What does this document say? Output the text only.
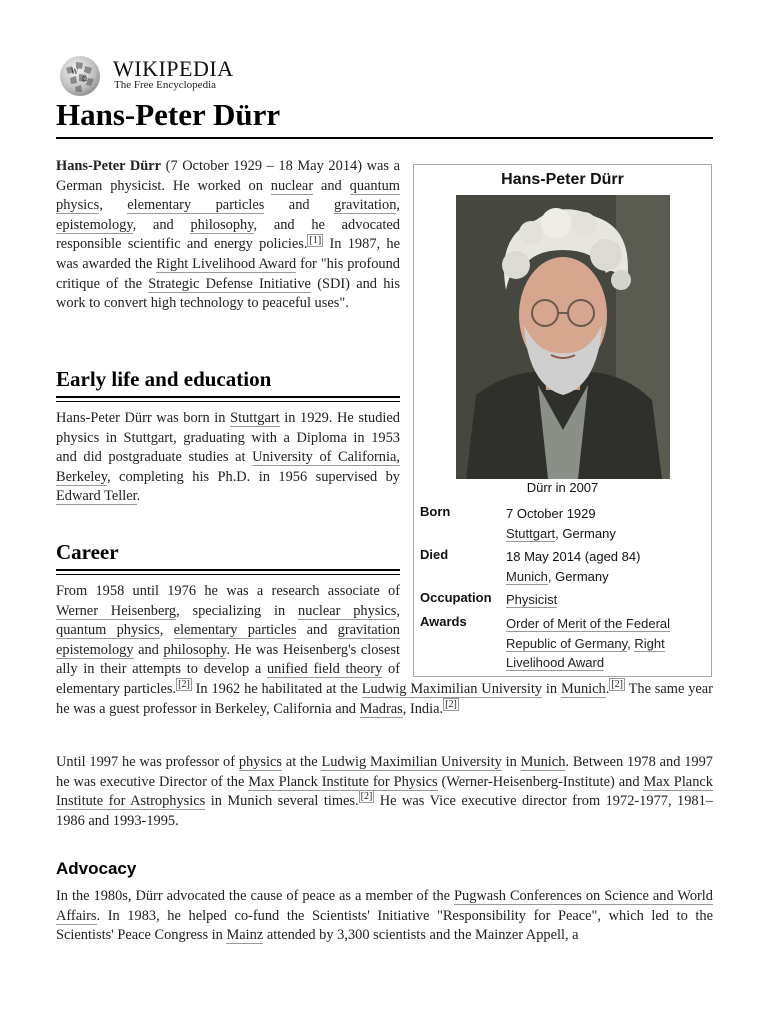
W
Ω WIKIPEDIA
The Free Encyclopedia
Hans-Peter Dürr

Hans-Peter Dürr (7 October 1929 – 18 May 2014) was a German physicist. He worked on nuclear and quantum physics, elementary particles and gravitation, epistemology, and philosophy, and he advocated responsible scientific and energy policies. [1] In 1987, he was awarded the Right Livelihood Award for "his profound critique of the Strategic Defense Initiative (SDI) and his work to convert high technology to peaceful uses".

Early life and education

Hans-Peter Dürr was born in Stuttgart in 1929. He studied physics in Stuttgart, graduating with a Diploma in 1953 and did postgraduate studies at University of California, Berkeley, completing his Ph.D. in 1956 supervised by Edward Teller.

Career
From 1958 until 1976 he was a research associate of Werner Heisenberg, specializing in nuclear physics, quantum physics, elementary particles and gravitation epistemology and philosophy. He was Heisenberg's closest ally in their attempts to develop a unified field theory of elementary particles. [2] In 1962 he habilitated at the Ludwig Maximilian University in Munich. [2] The same year he was a guest professor in Berkeley, California and Madras, India. [2]

Until 1997 he was professor of physics at the Ludwig Maximilian University in Munich. Between 1978 and 1997 he was executive Director of the Max Planck Institute for Physics (Werner-Heisenberg-Institute) and Max Planck Institute for Astrophysics in Munich several times. [2] He was Vice executive director from 1972-1977, 1981–1986 and 1993-1995.

Advocacy

In the 1980s, Dürr advocated the cause of peace as a member of the Pugwash Conferences on Science and World Affairs. In 1983, he helped co-fund the Scientists' Initiative "Responsibility for Peace", which led to the Scientists' Peace Congress in Mainz attended by 3,300 scientists and the Mainzer Appell, a

Hans-Peter Dürr
Dürr in 2007
Born	7 October 1929
Stuttgart, Germany
Died	18 May 2014 (aged 84)
Munich, Germany
Occupation Physicist
Awards	Order of Merit of the Federal Republic of Germany, Right Livelihood Award
